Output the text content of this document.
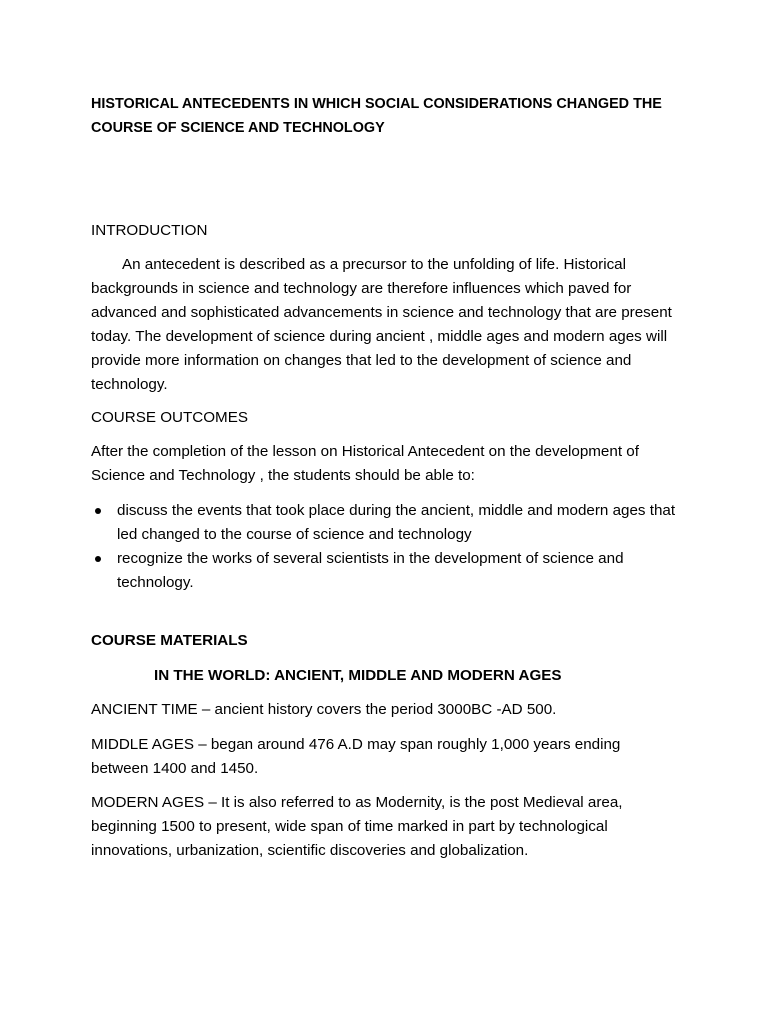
HISTORICAL ANTECEDENTS IN WHICH SOCIAL CONSIDERATIONS CHANGED THE COURSE OF SCIENCE AND TECHNOLOGY

INTRODUCTION

An antecedent is described as a precursor to the unfolding of life. Historical backgrounds in science and technology are therefore influences which paved for advanced and sophisticated advancements in science and technology that are present today. The development of science during ancient , middle ages and modern ages will provide more information on changes that led to the development of science and technology.

COURSE OUTCOMES

After the completion of the lesson on Historical Antecedent on the development of Science and Technology , the students should be able to:

discuss the events that took place during the ancient, middle and modern ages that led changed to the course of science and technology
recognize the works of several scientists in the development of science and technology.

COURSE MATERIALS

IN THE WORLD: ANCIENT, MIDDLE AND MODERN AGES

ANCIENT TIME – ancient history covers the period 3000BC -AD 500.

MIDDLE AGES – began around 476 A.D may span roughly 1,000 years ending between 1400 and 1450.

MODERN AGES – It is also referred to as Modernity, is the post Medieval area, beginning 1500 to present, wide span of time marked in part by technological innovations, urbanization, scientific discoveries and globalization.
